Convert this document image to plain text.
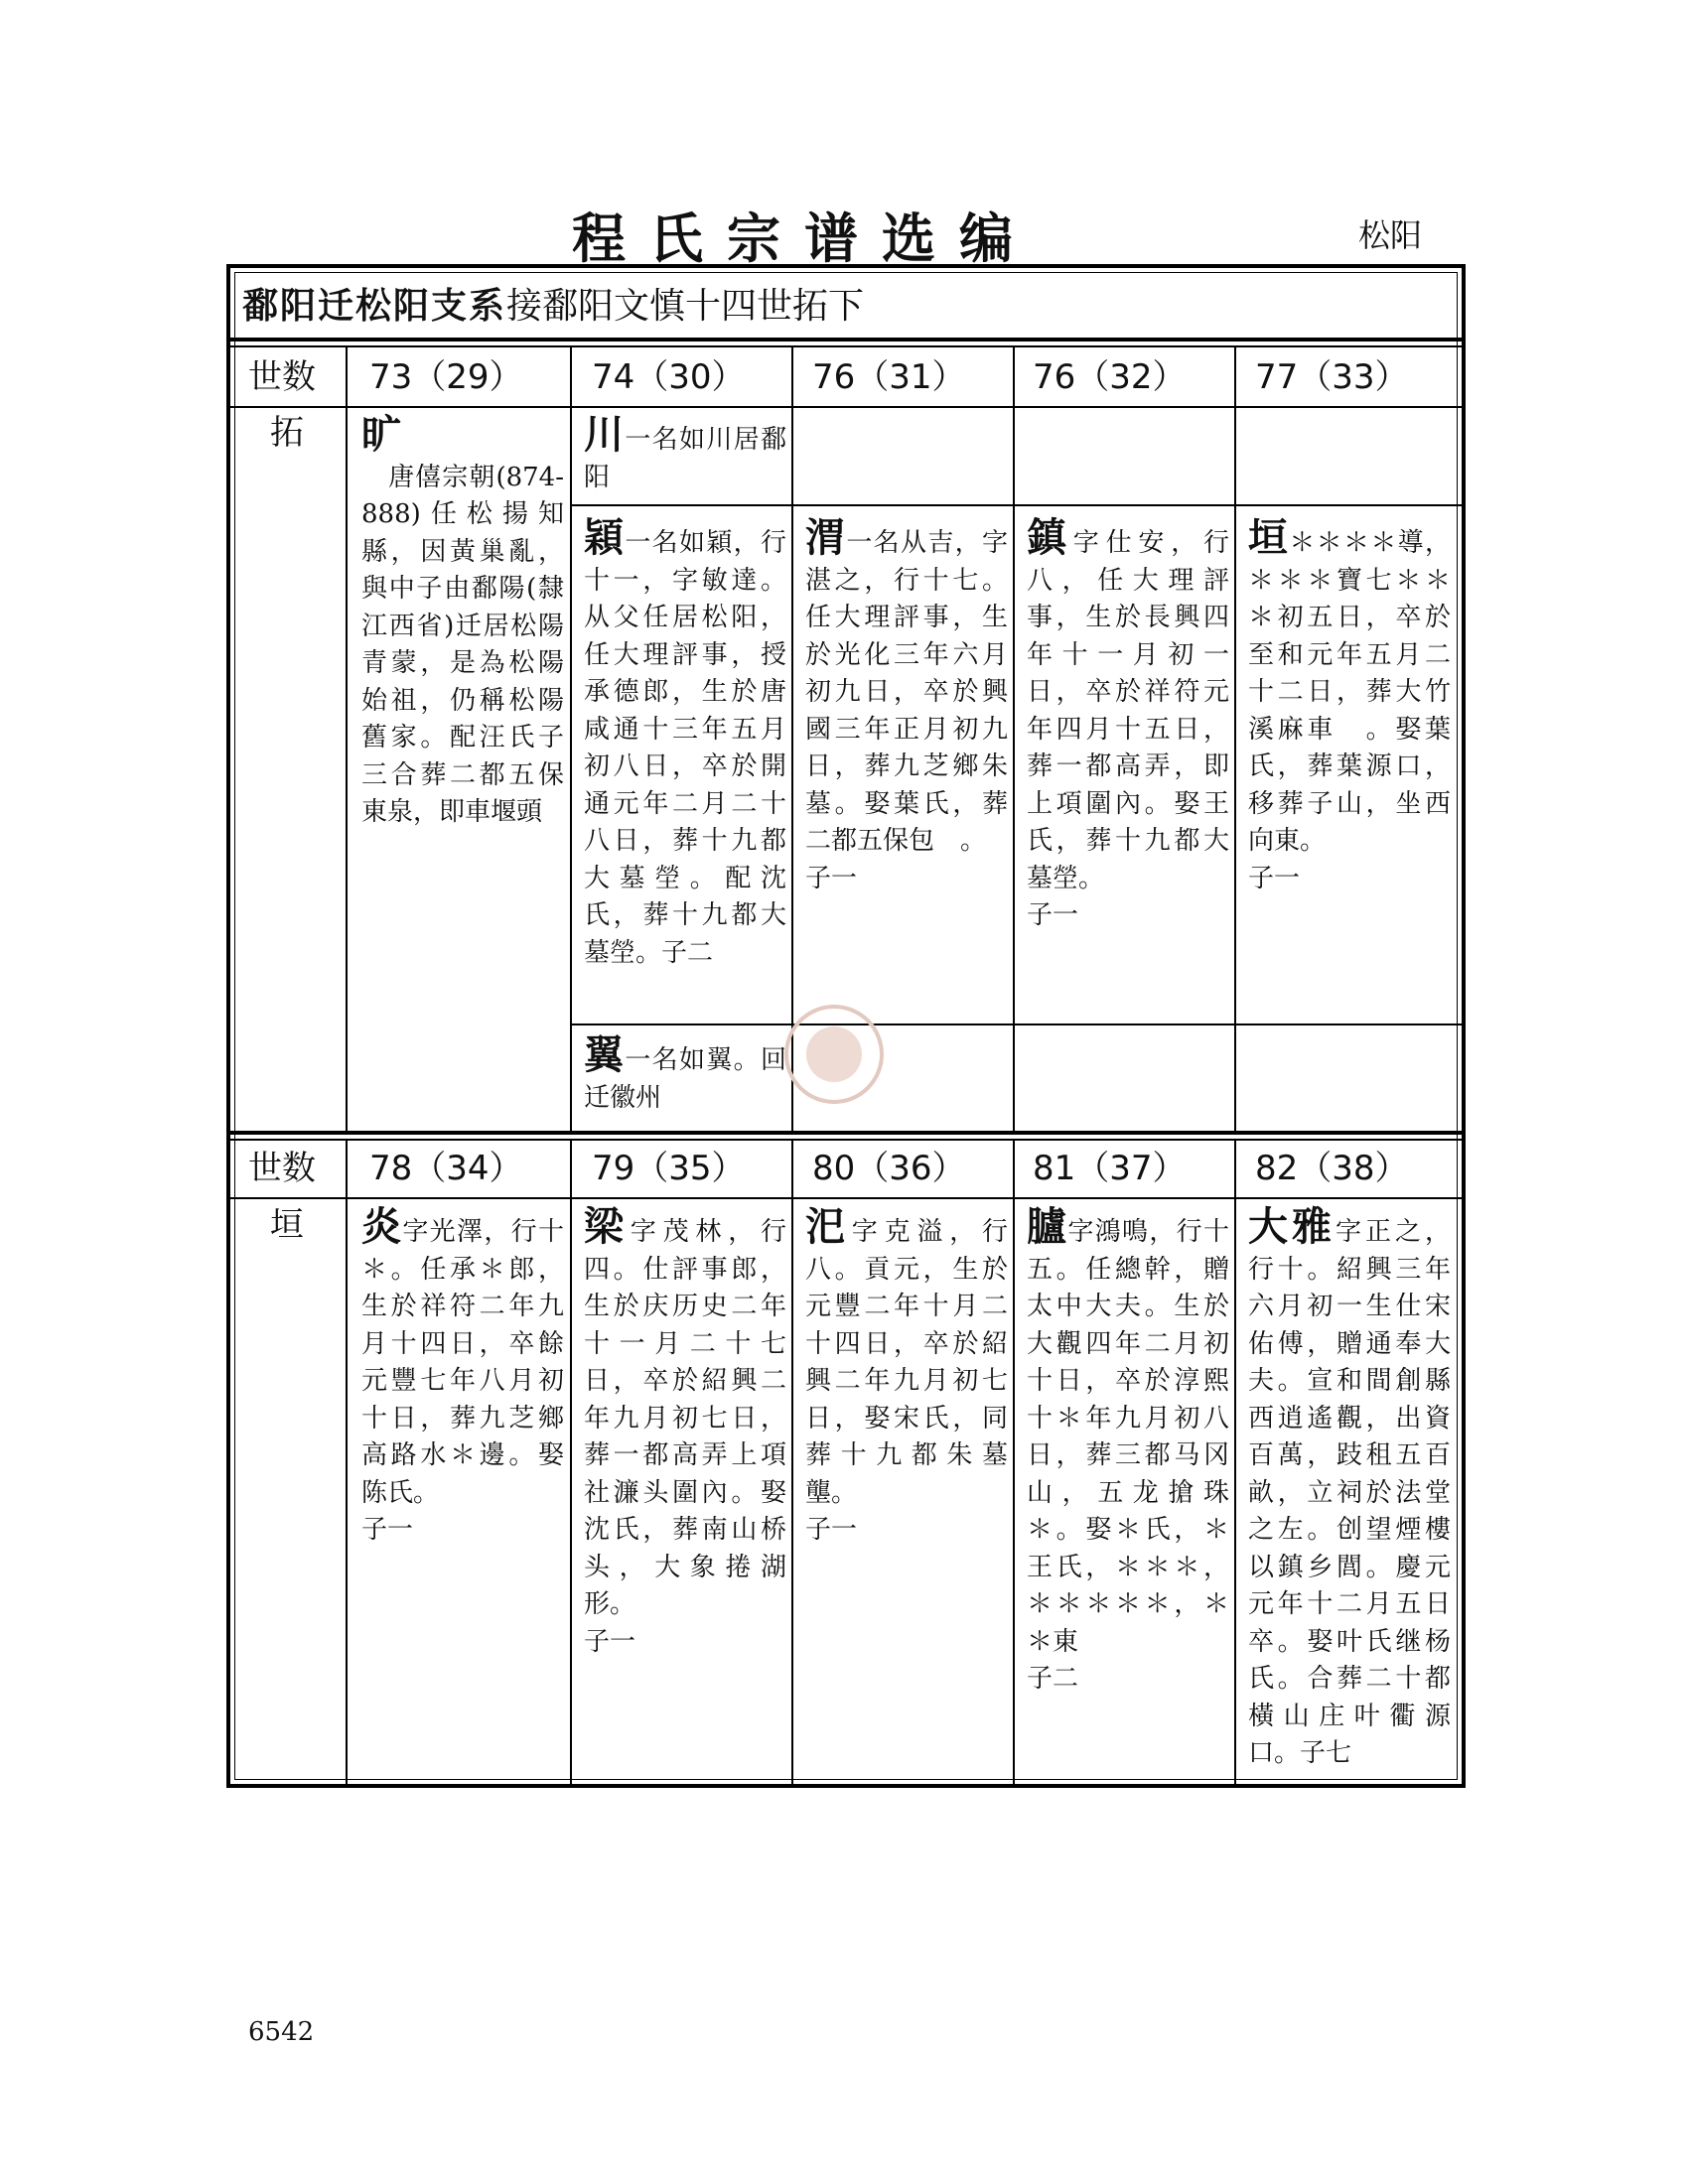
程氏宗谱选编	松阳
鄱阳迁松阳支系接鄱阳文慎十四世拓下
世数 73（29） 74（30） 76（31） 76（32） 77（33）
拓 旷
　唐僖宗朝(874-888)任松揚知縣，因黃巢亂，與中子由鄱陽(隸江西省)迁居松陽青蒙，是為松陽始祖，仍稱松陽舊家。配汪氏子三合葬二都五保東泉，即車堰頭
川一名如川居鄱阳
穎一名如穎，行十一，字敏達。从父任居松阳，任大理評事，授承德郎，生於唐咸通十三年五月初八日，卒於開通元年二月二十八日，葬十九都大墓塋。配沈氏，葬十九都大墓塋。子二
翼一名如翼。回迁徽州
渭一名从吉，字湛之，行十七。任大理評事，生於光化三年六月初九日，卒於興國三年正月初九日，葬九芝鄉朱墓。娶葉氏，葬二都五保包　。
子一
鎮字仕安，行八，任大理評事，生於長興四年十一月初一日，卒於祥符元年四月十五日，葬一都高弄，即上項圍內。娶王氏，葬十九都大墓塋。
子一
垣＊＊＊＊導，＊＊＊寶七＊＊＊初五日，卒於至和元年五月二十二日，葬大竹溪麻車　。娶葉氏，葬葉源口，移葬子山，坐西向東。
子一
世数 78（34） 79（35） 80（36） 81（37） 82（38）
垣 炎字光澤，行十＊。任承＊郎，生於祥符二年九月十四日，卒餘元豐七年八月初十日，葬九芝鄉高路水＊邊。娶陈氏。
子一
梁字茂林，行四。仕評事郎，生於庆历史二年十一月二十七日，卒於紹興二年九月初七日，葬一都高弄上項社濂头圍內。娶沈氏，葬南山桥头，大象捲湖形。
子一
汜字克溢，行八。貢元，生於元豐二年十月二十四日，卒於紹興二年九月初七日，娶宋氏，同葬十九都朱墓壟。
子一
臚字鴻鳴，行十五。任總幹，贈太中大夫。生於大觀四年二月初十日，卒於淳熙十＊年九月初八日，葬三都马冈山，五龙搶珠＊。娶＊氏，＊王氏，＊＊＊，＊＊＊＊＊，＊＊東
子二
大雅字正之，行十。紹興三年六月初一生仕宋佑傅，贈通奉大夫。宣和間創縣西逍遙觀，出資百萬，跂租五百畝，立祠於法堂之左。创望煙樓以鎮乡閭。慶元元年十二月五日卒。娶叶氏继杨氏。合葬二十都橫山庄叶衢源口。子七
6542
